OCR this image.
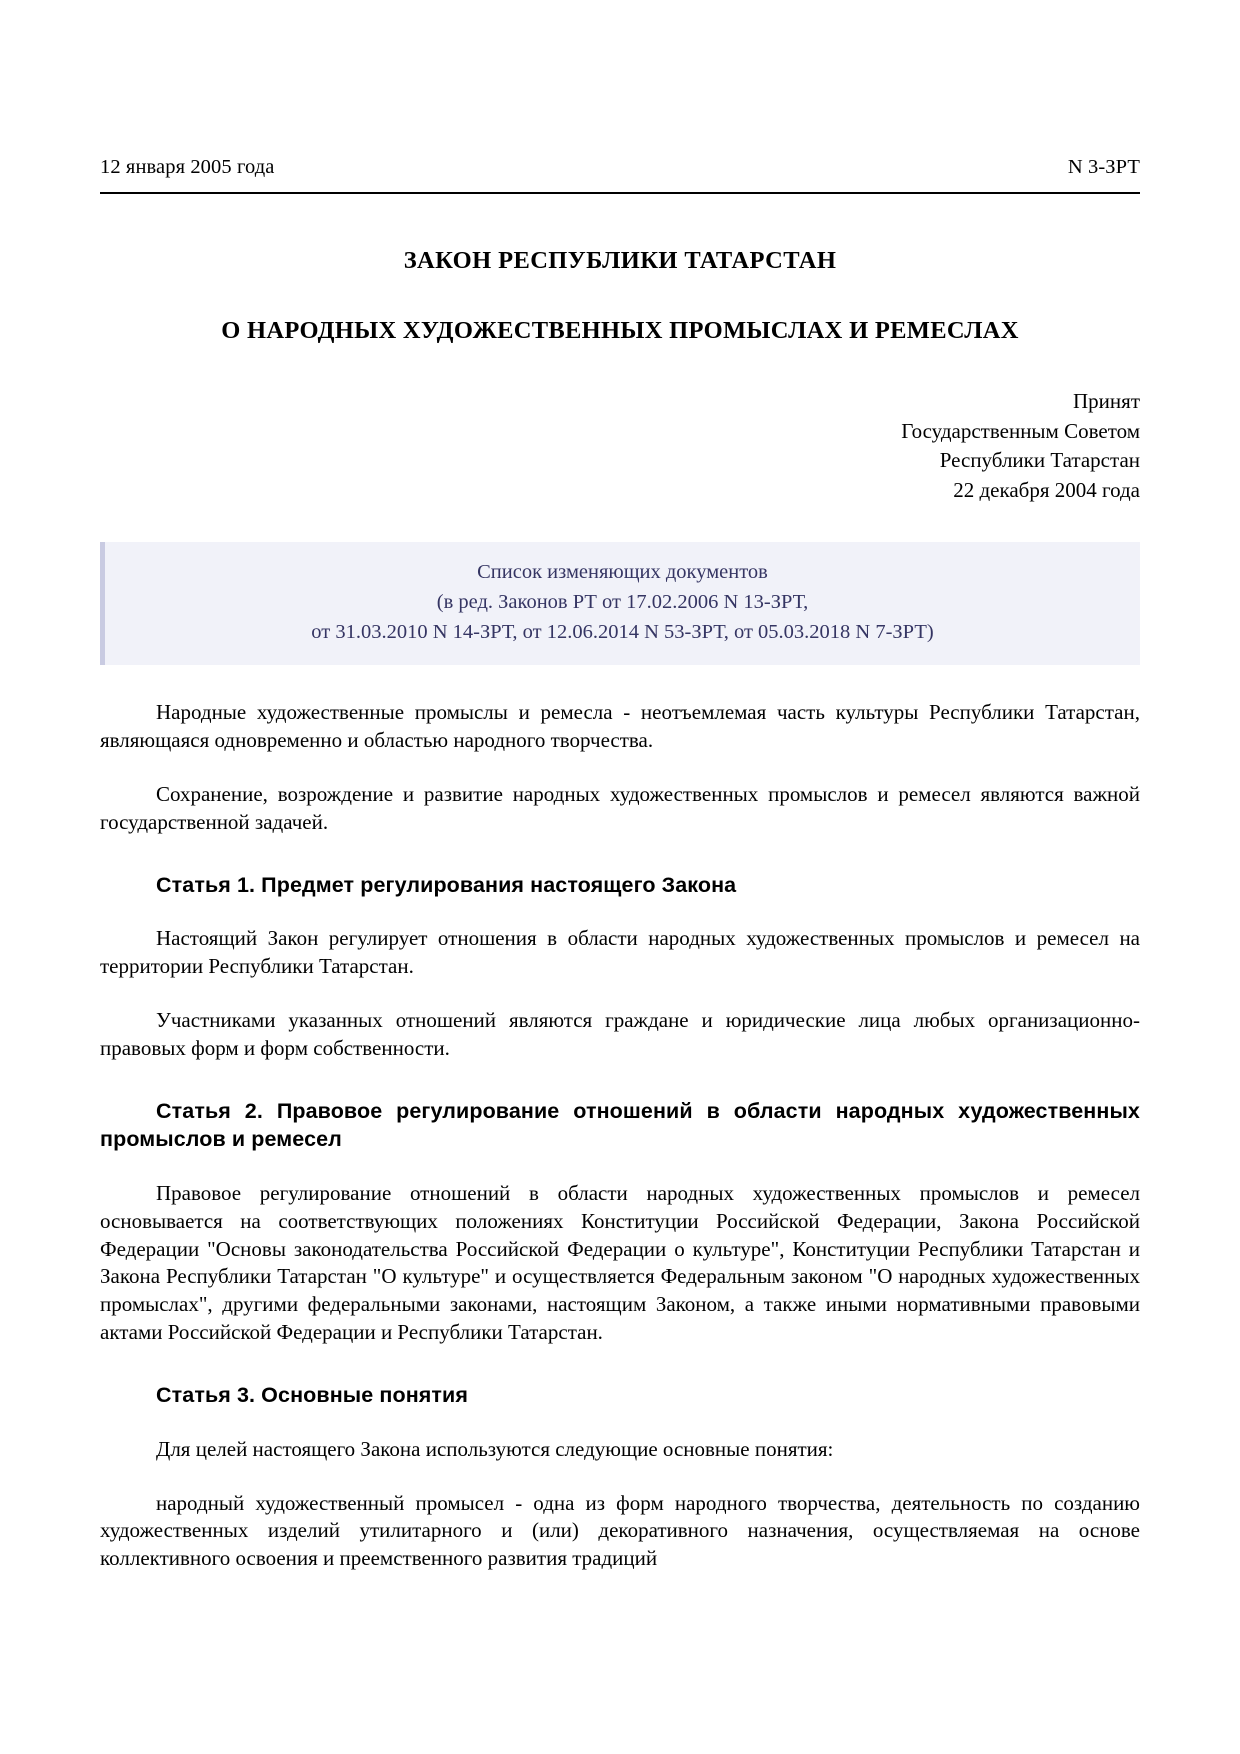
12 января 2005 года	N 3-ЗРТ
ЗАКОН РЕСПУБЛИКИ ТАТАРСТАН
О НАРОДНЫХ ХУДОЖЕСТВЕННЫХ ПРОМЫСЛАХ И РЕМЕСЛАХ
Принят
Государственным Советом
Республики Татарстан
22 декабря 2004 года
Список изменяющих документов
(в ред. Законов РТ от 17.02.2006 N 13-ЗРТ,
от 31.03.2010 N 14-ЗРТ, от 12.06.2014 N 53-ЗРТ, от 05.03.2018 N 7-ЗРТ)

Народные художественные промыслы и ремесла - неотъемлемая часть культуры Республики Татарстан, являющаяся одновременно и областью народного творчества.

Сохранение, возрождение и развитие народных художественных промыслов и ремесел являются важной государственной задачей.

Статья 1. Предмет регулирования настоящего Закона

Настоящий Закон регулирует отношения в области народных художественных промыслов и ремесел на территории Республики Татарстан.

Участниками указанных отношений являются граждане и юридические лица любых организационно-правовых форм и форм собственности.

Статья 2. Правовое регулирование отношений в области народных художественных промыслов и ремесел

Правовое регулирование отношений в области народных художественных промыслов и ремесел основывается на соответствующих положениях Конституции Российской Федерации, Закона Российской Федерации "Основы законодательства Российской Федерации о культуре", Конституции Республики Татарстан и Закона Республики Татарстан "О культуре" и осуществляется Федеральным законом "О народных художественных промыслах", другими федеральными законами, настоящим Законом, а также иными нормативными правовыми актами Российской Федерации и Республики Татарстан.

Статья 3. Основные понятия

Для целей настоящего Закона используются следующие основные понятия:

народный художественный промысел - одна из форм народного творчества, деятельность по созданию художественных изделий утилитарного и (или) декоративного назначения, осуществляемая на основе коллективного освоения и преемственного развития традиций
